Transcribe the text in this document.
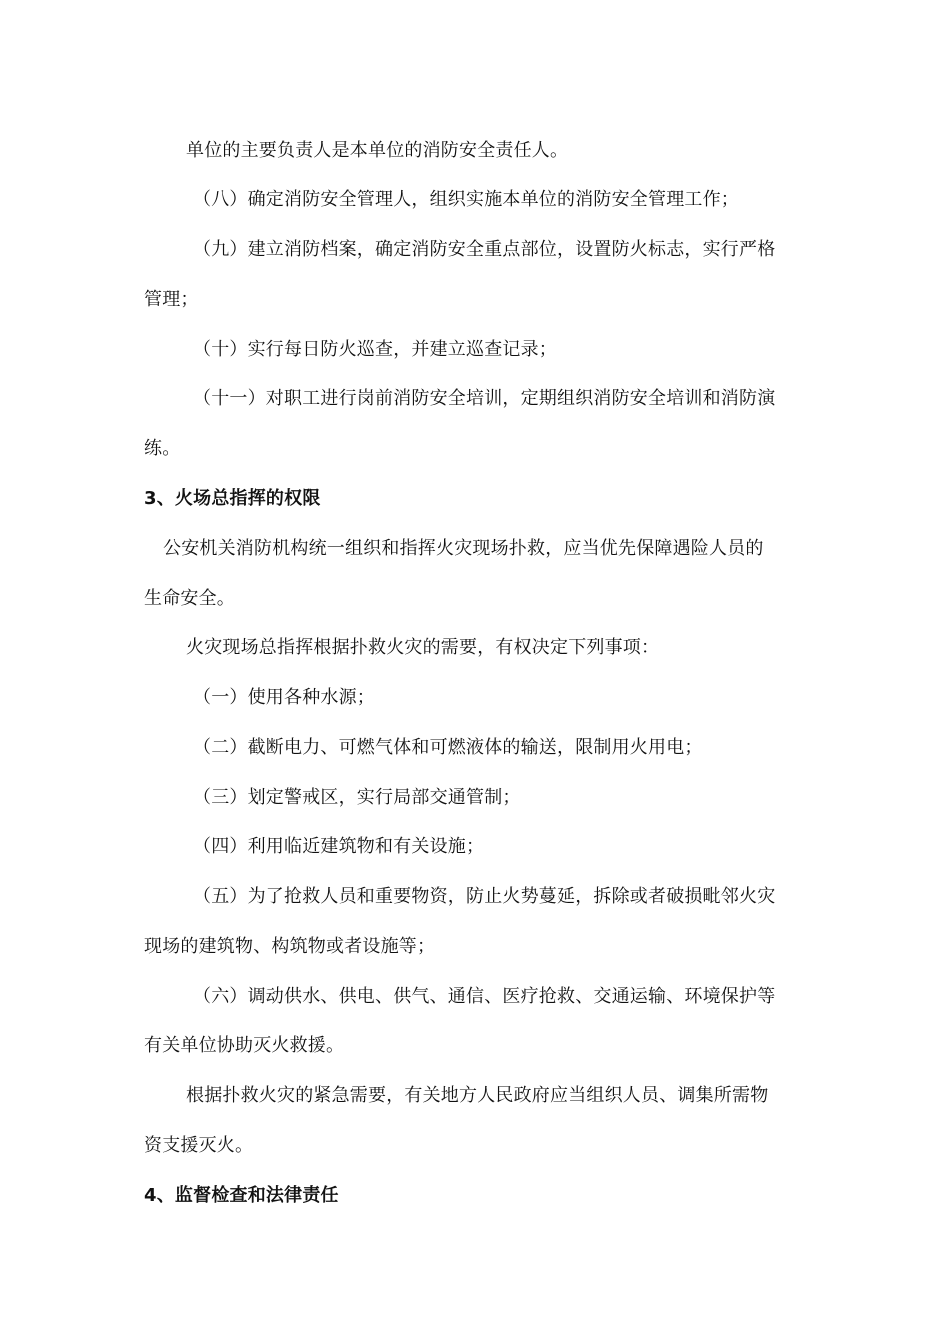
单位的主要负责人是本单位的消防安全责任人。
（八）确定消防安全管理人，组织实施本单位的消防安全管理工作；
（九）建立消防档案，确定消防安全重点部位，设置防火标志，实行严格
管理；
（十）实行每日防火巡查，并建立巡查记录；
（十一）对职工进行岗前消防安全培训，定期组织消防安全培训和消防演
练。
3、火场总指挥的权限
公安机关消防机构统一组织和指挥火灾现场扑救，应当优先保障遇险人员的
生命安全。
火灾现场总指挥根据扑救火灾的需要，有权决定下列事项：
（一）使用各种水源；
（二）截断电力、可燃气体和可燃液体的输送，限制用火用电；
（三）划定警戒区，实行局部交通管制；
（四）利用临近建筑物和有关设施；
（五）为了抢救人员和重要物资，防止火势蔓延，拆除或者破损毗邻火灾
现场的建筑物、构筑物或者设施等；
（六）调动供水、供电、供气、通信、医疗抢救、交通运输、环境保护等
有关单位协助灭火救援。
根据扑救火灾的紧急需要，有关地方人民政府应当组织人员、调集所需物
资支援灭火。
4、监督检查和法律责任
